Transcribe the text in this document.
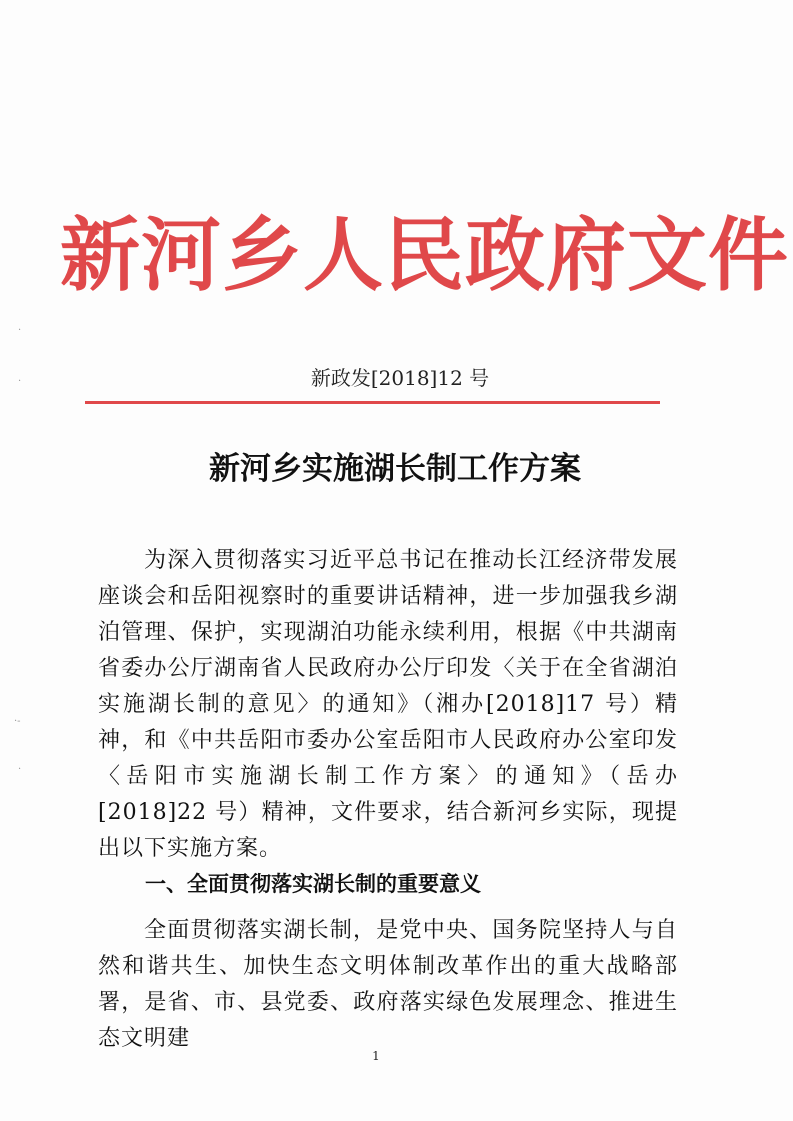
新河乡人民政府文件
新政发[2018]12 号
新河乡实施湖长制工作方案
为深入贯彻落实习近平总书记在推动长江经济带发展座谈会和岳阳视察时的重要讲话精神，进一步加强我乡湖泊管理、保护，实现湖泊功能永续利用，根据《中共湖南省委办公厅湖南省人民政府办公厅印发〈关于在全省湖泊实施湖长制的意见〉的通知》（湘办[2018]17 号）精神，和《中共岳阳市委办公室岳阳市人民政府办公室印发〈岳阳市实施湖长制工作方案〉的通知》（岳办[2018]22 号）精神，文件要求，结合新河乡实际，现提出以下实施方案。
一、全面贯彻落实湖长制的重要意义
全面贯彻落实湖长制，是党中央、国务院坚持人与自然和谐共生、加快生态文明体制改革作出的重大战略部署，是省、市、县党委、政府落实绿色发展理念、推进生态文明建
1
·
·
·-
·
